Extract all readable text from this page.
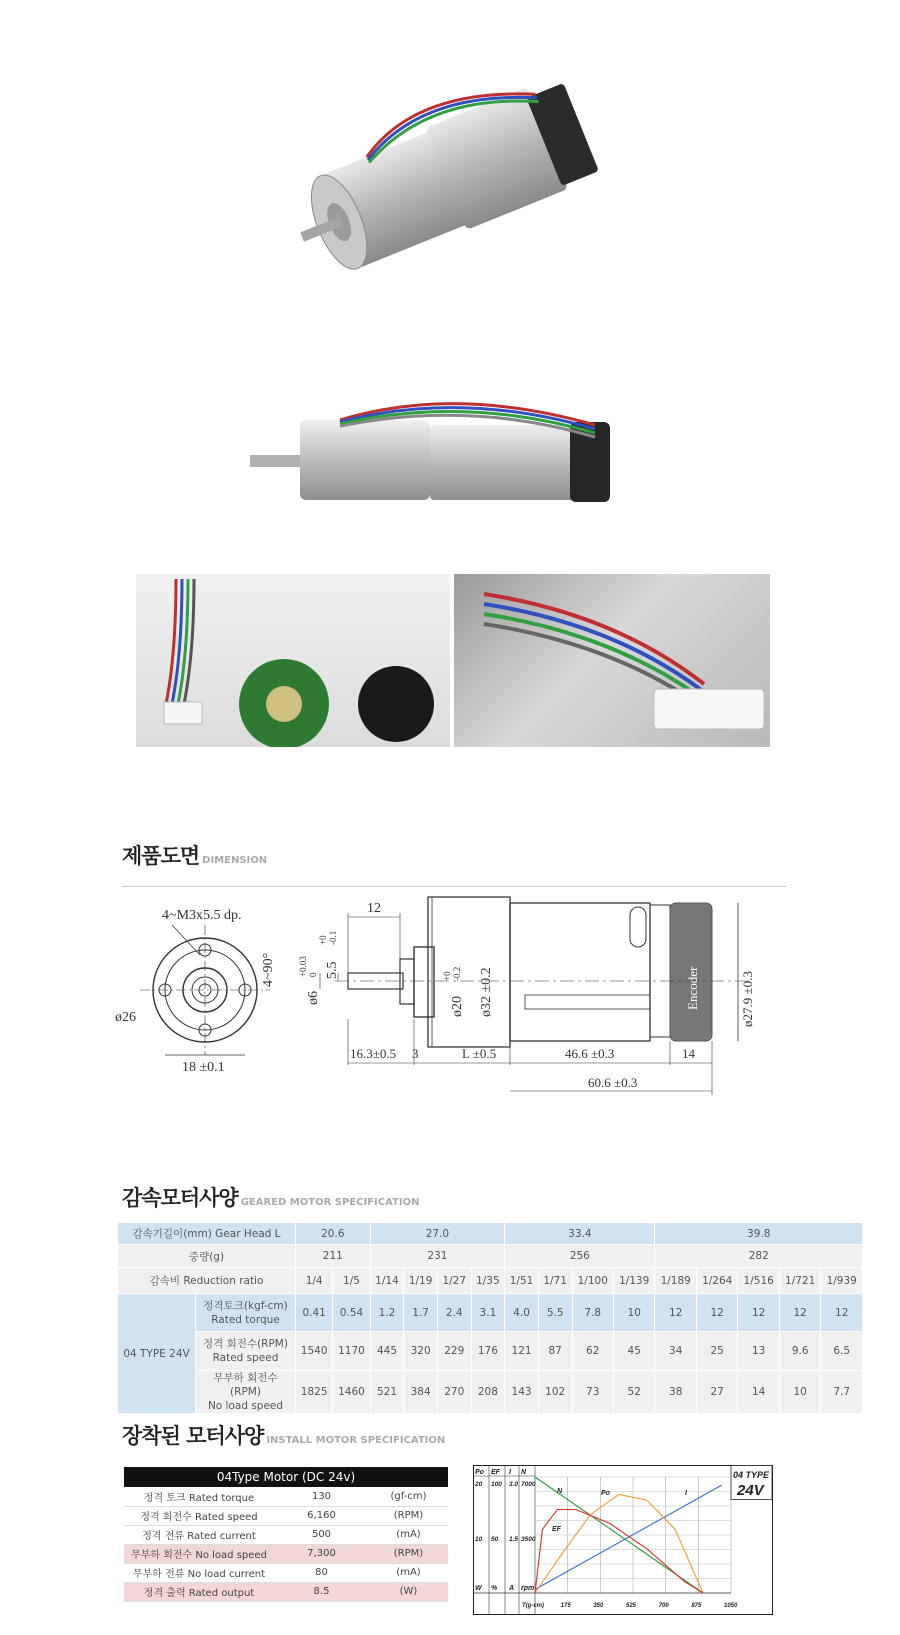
제품도면 DIMENSION
4~M3x5.5 dp.
ø26
4~90°
18 ±0.1
Encoder
ø6
+0.03 0 5.5
+0 -0.1
12
ø20
+0 -0.2 ø32 ±0.2	ø27.9 ±0.3
16.3±0.5 3	L ±0.5	46.6 ±0.3	14
60.6 ±0.3
감속모터사양 GEARED MOTOR SPECIFICATION
감속기길이(mm) Gear Head L		20.6		27.0				33.4				39.8				
중량(g)		211		231				256				282				
감속비 Reduction ratio		1/4	1/5	1/14	1/19	1/27	1/35	1/51	1/71	1/100	1/139	1/189	1/264	1/516	1/721	1/939
04 TYPE 24V	정격토크(kgf-cm)
Rated torque	0.41	0.54	1.2	1.7	2.4	3.1	4.0	5.5	7.8	10	12	12	12	12	12
	정격 회전수(RPM)
Rated speed	1540	1170	445	320	229	176	121	87	62	45	34	25	13	9.6	6.5
	무부하 회전수(RPM)
No load speed	1825	1460	521	384	270	208	143	102	73	52	38	27	14	10	7.7
장착된 모터사양 INSTALL MOTOR SPECIFICATION
04Type Motor (DC 24v)		
정격 토크 Rated torque	130	(gf-cm)
정격 회전수 Rated speed	6,160	(RPM)
정격 전류 Rated current	500	(mA)
무부하 회전수 No load speed	7,300	(RPM)
무부하 전류 No load current	80	(mA)
정격 출력 Rated output	8.5	(W)
Po EF I N
20 100 3.0 7000
10 50 1.5 3500
W % A rpm
T(g-cm)	175	350	525	700	875	1050
N	Po	I
EF
04 TYPE
24V
